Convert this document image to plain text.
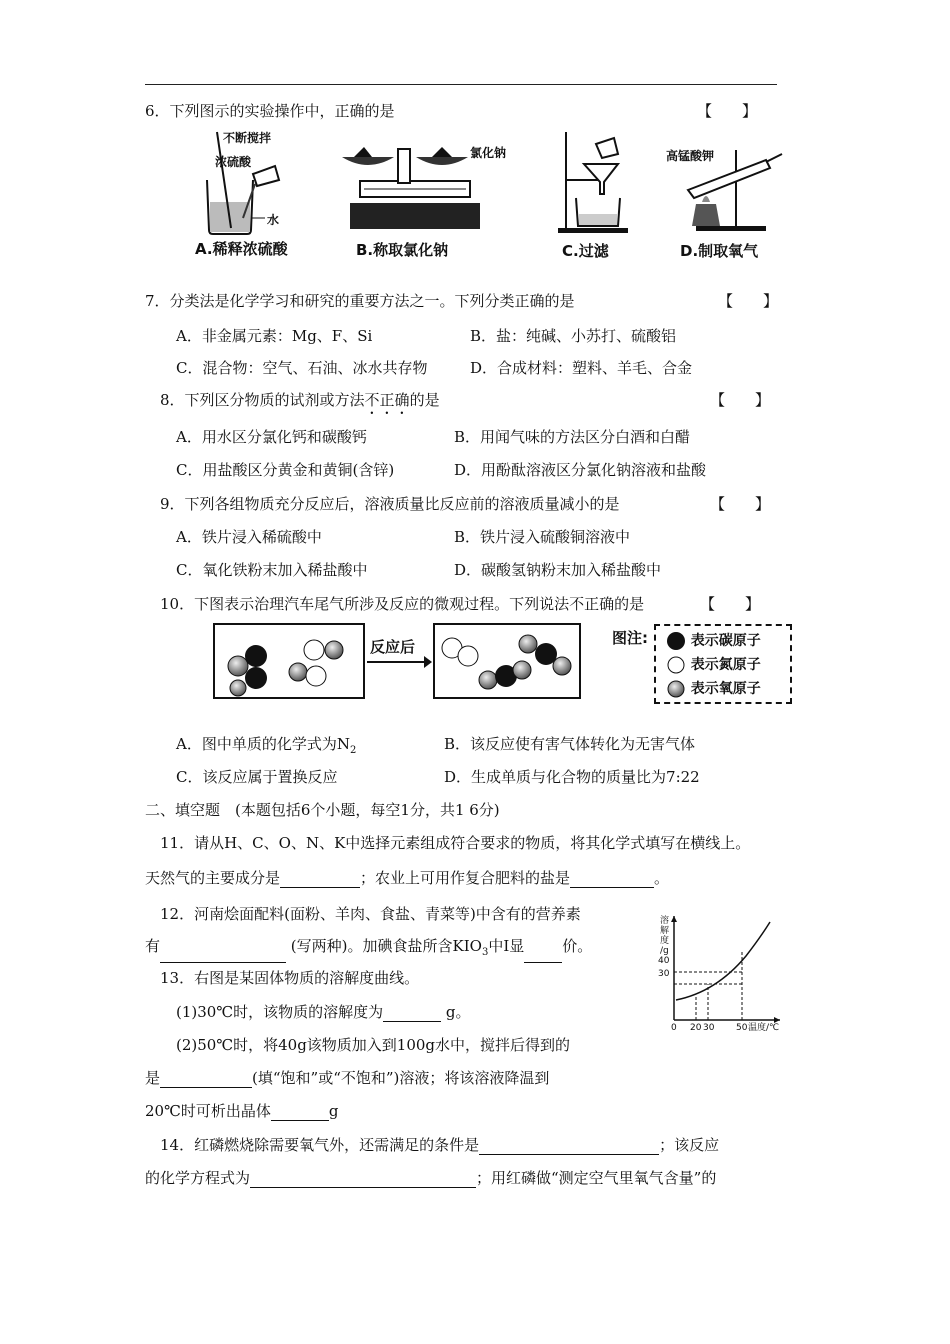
6．下列图示的实验操作中，正确的是	【　　】
不断搅拌
浓硫酸
水
A.稀释浓硫酸
氯化钠
B.称取氯化钠	C.过滤
高锰酸钾
D.制取氧气
7．分类法是化学学习和研究的重要方法之一。下列分类正确的是	【　　】
A．非金属元素：Mg、F、Si	B．盐：纯碱、小苏打、硫酸铝
C．混合物：空气、石油、冰水共存物	D．合成材料：塑料、羊毛、合金
8．下列区分物质的试剂或方法不正确的是	【　　】
A．用水区分氯化钙和碳酸钙	B．用闻气味的方法区分白酒和白醋
C．用盐酸区分黄金和黄铜(含锌)	D．用酚酞溶液区分氯化钠溶液和盐酸
9．下列各组物质充分反应后，溶液质量比反应前的溶液质量减小的是	【　　】
A．铁片浸入稀硫酸中	B．铁片浸入硫酸铜溶液中
C．氧化铁粉末加入稀盐酸中	D．碳酸氢钠粉末加入稀盐酸中
10．下图表示治理汽车尾气所涉及反应的微观过程。下列说法不正确的是	【　　】
反应后	图注:	表示碳原子
表示氮原子
表示氧原子
A．图中单质的化学式为$N_2$	B．该反应使有害气体转化为无害气体
C．该反应属于置换反应	D．生成单质与化合物的质量比为7:22
二、填空题　(本题包括6个小题，每空1分，共1 6分)
11．请从H、C、O、N、K中选择元素组成符合要求的物质，将其化学式填写在横线上。
天然气的主要成分是	；农业上可用作复合肥料的盐是	。
12．河南烩面配料(面粉、羊肉、食盐、青菜等)中含有的营养素
有	(写两种)。加碘食盐所含$KIO_3$中I显	价。
溶
解
度
/g
40
30
0 20 30 50 温度/℃
13．右图是某固体物质的溶解度曲线。
(1)30℃时，该物质的溶解度为	g。
(2)50℃时，将40g该物质加入到100g水中，搅拌后得到的
是	(填“饱和”或“不饱和”)溶液；将该溶液降温到
20℃时可析出晶体	g
14．红磷燃烧除需要氧气外，还需满足的条件是	；该反应
的化学方程式为	；用红磷做“测定空气里氧气含量”的
